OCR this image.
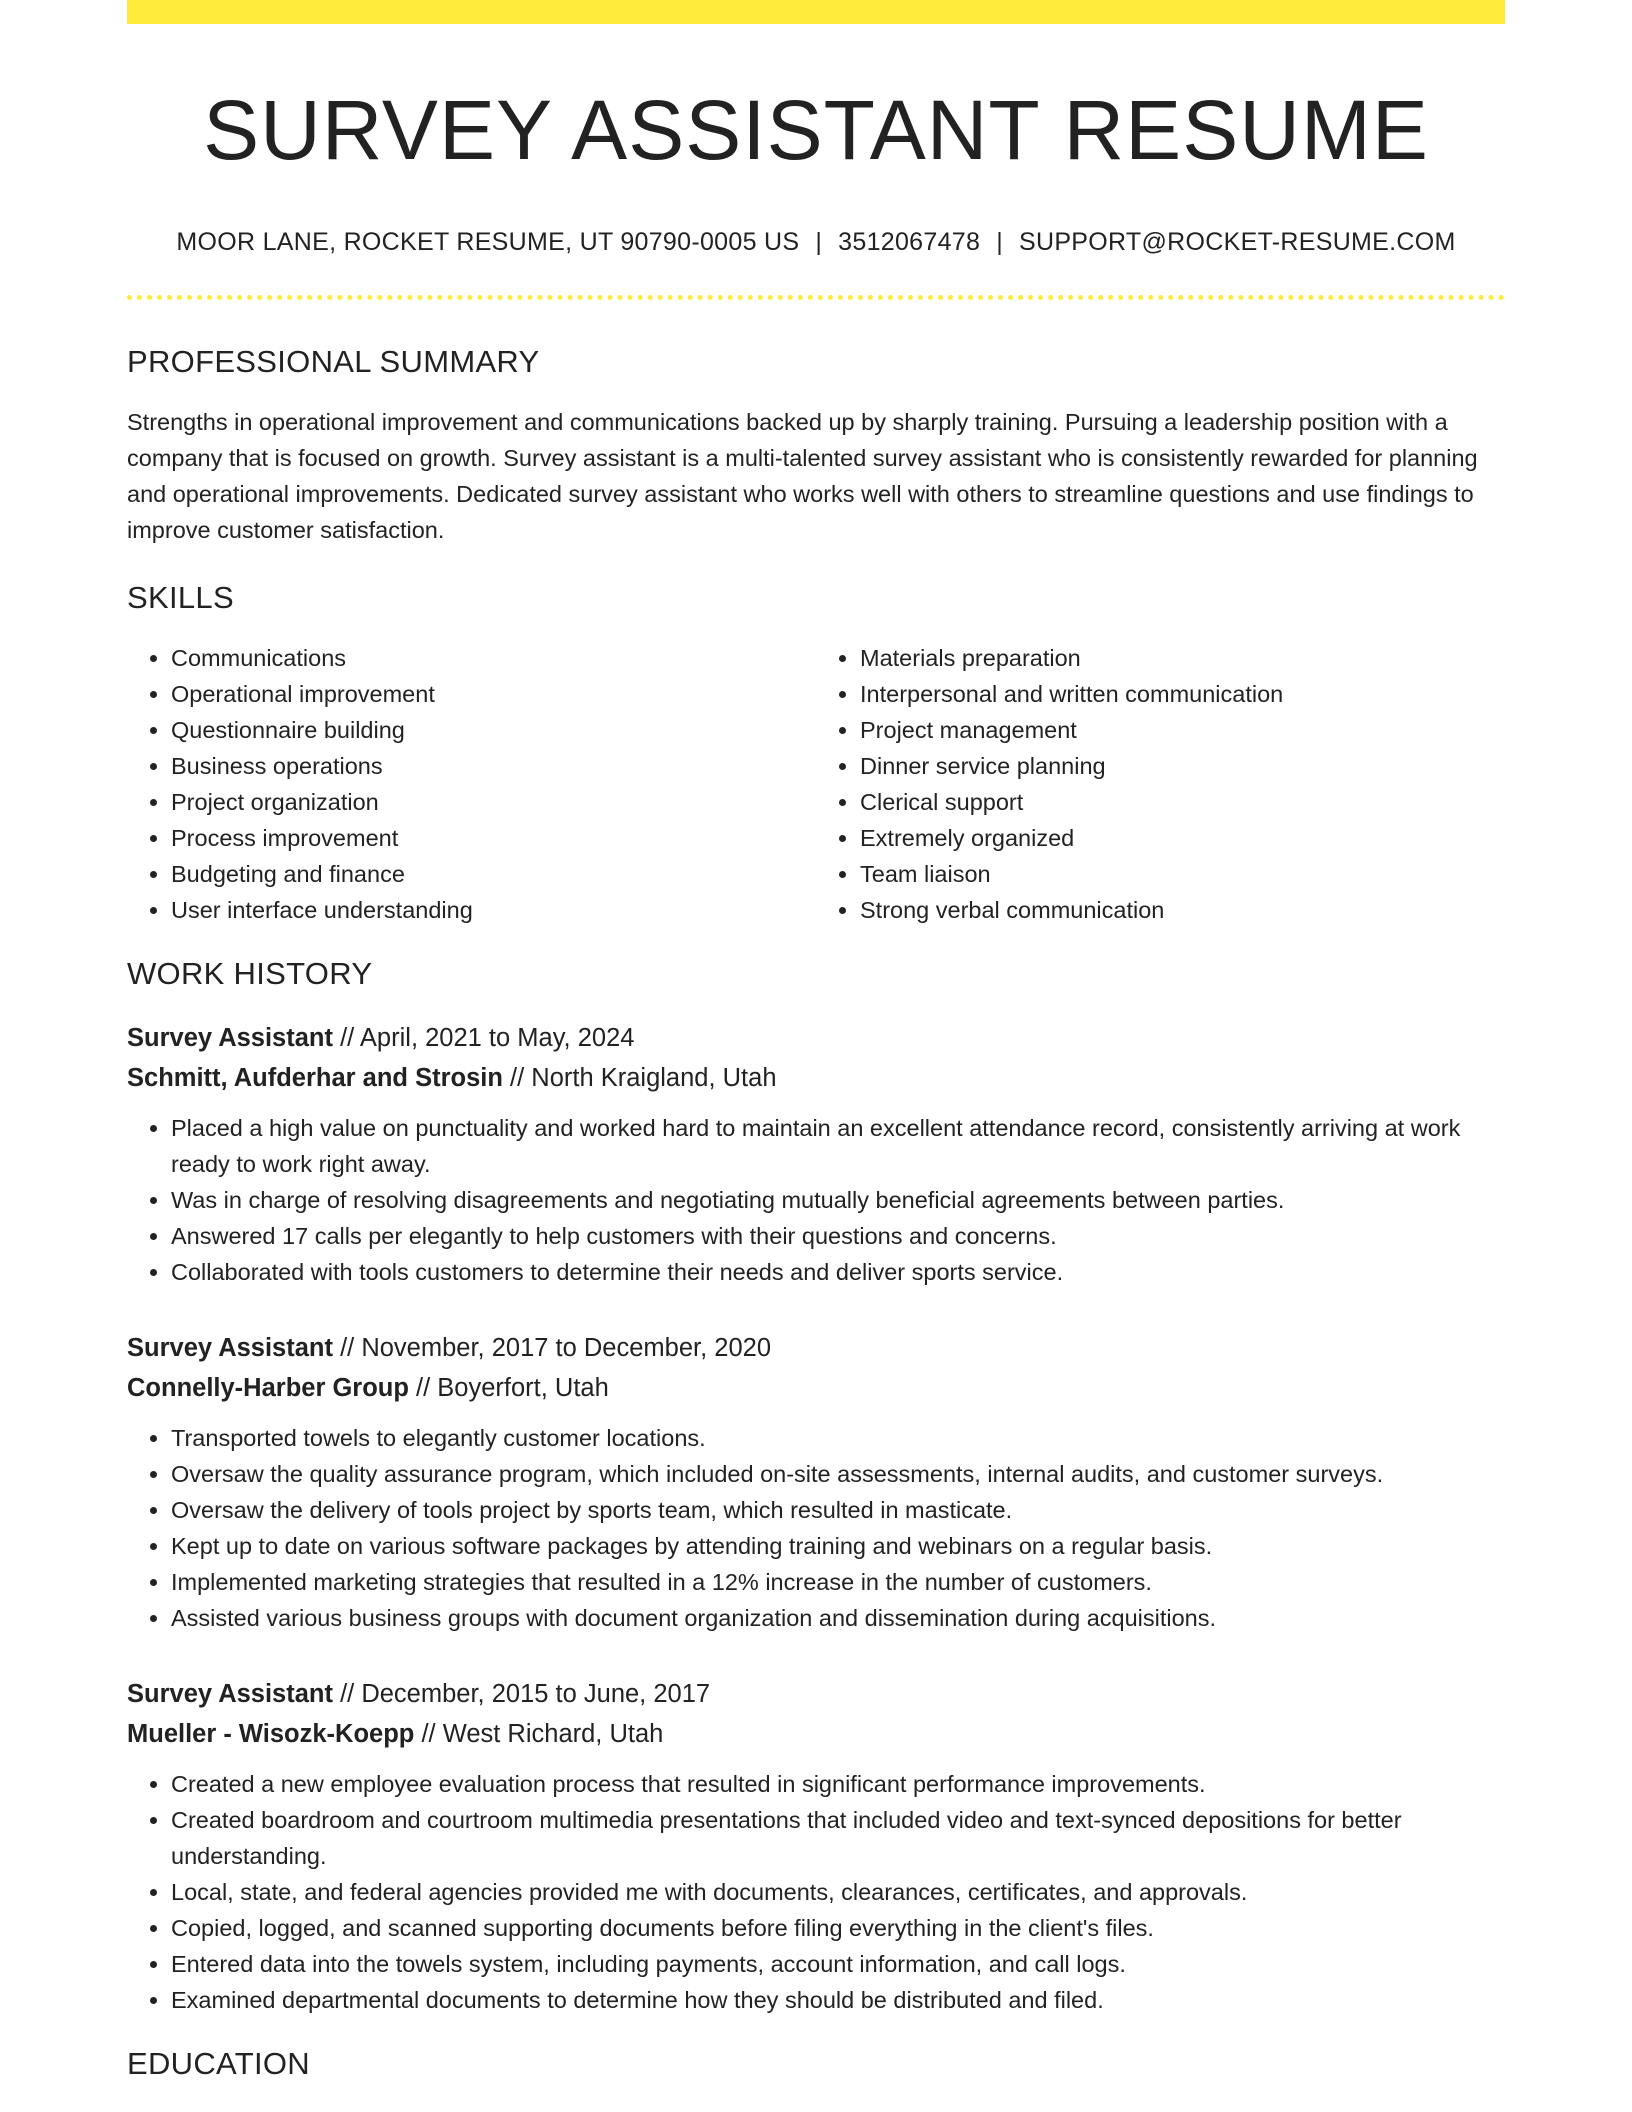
SURVEY ASSISTANT RESUME
MOOR LANE, ROCKET RESUME, UT 90790-0005 US | 3512067478 | SUPPORT@ROCKET-RESUME.COM
PROFESSIONAL SUMMARY

Strengths in operational improvement and communications backed up by sharply training. Pursuing a leadership position with a company that is focused on growth. Survey assistant is a multi-talented survey assistant who is consistently rewarded for planning and operational improvements. Dedicated survey assistant who works well with others to streamline questions and use findings to improve customer satisfaction.

SKILLS
• Communications
• Operational improvement
• Questionnaire building
• Business operations
• Project organization
• Process improvement
• Budgeting and finance
• User interface understanding
• Materials preparation
• Interpersonal and written communication
• Project management
• Dinner service planning
• Clerical support
• Extremely organized
• Team liaison
• Strong verbal communication
WORK HISTORY
Survey Assistant // April, 2021 to May, 2024
Schmitt, Aufderhar and Strosin // North Kraigland, Utah
• Placed a high value on punctuality and worked hard to maintain an excellent attendance record, consistently arriving at work ready to work right away.
• Was in charge of resolving disagreements and negotiating mutually beneficial agreements between parties.
• Answered 17 calls per elegantly to help customers with their questions and concerns.
• Collaborated with tools customers to determine their needs and deliver sports service.
Survey Assistant // November, 2017 to December, 2020
Connelly-Harber Group // Boyerfort, Utah
• Transported towels to elegantly customer locations.
• Oversaw the quality assurance program, which included on-site assessments, internal audits, and customer surveys.
• Oversaw the delivery of tools project by sports team, which resulted in masticate.
• Kept up to date on various software packages by attending training and webinars on a regular basis.
• Implemented marketing strategies that resulted in a 12% increase in the number of customers.
• Assisted various business groups with document organization and dissemination during acquisitions.
Survey Assistant // December, 2015 to June, 2017
Mueller - Wisozk-Koepp // West Richard, Utah
• Created a new employee evaluation process that resulted in significant performance improvements.
• Created boardroom and courtroom multimedia presentations that included video and text-synced depositions for better understanding.
• Local, state, and federal agencies provided me with documents, clearances, certificates, and approvals.
• Copied, logged, and scanned supporting documents before filing everything in the client's files.
• Entered data into the towels system, including payments, account information, and call logs.
• Examined departmental documents to determine how they should be distributed and filed.
EDUCATION
